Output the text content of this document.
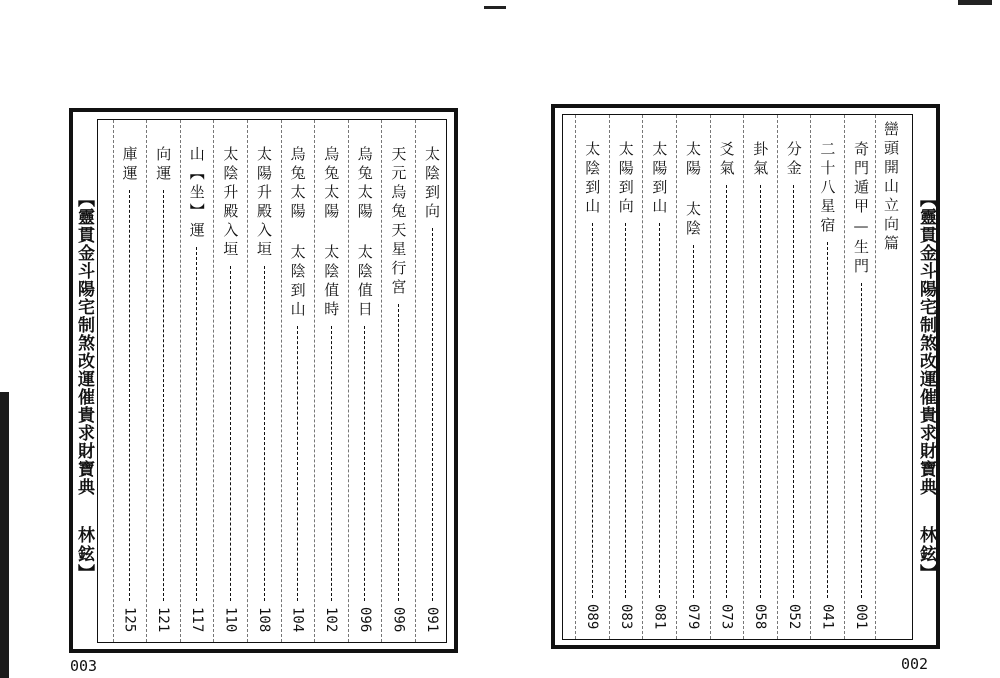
太陰到向
091
天元烏兔天星行宮
096
烏兔太陽 太陰值日
096
烏兔太陽 太陰值時
102
烏兔太陽 太陰到山
104
太陽升殿入垣
108
太陰升殿入垣
110
山【坐】運
117
向運
121
庫運
125
【靈貫金斗陽宅制煞改運催貴求財寶典
林鉉】
003
巒頭開山立向篇
奇門遁甲—生門
001
二十八星宿
041
分金
052
卦氣
058
爻氣
073
太陽 太陰
079
太陽到山
081
太陽到向
083
太陰到山
089
【靈貫金斗陽宅制煞改運催貴求財寶典
林鉉】
002
